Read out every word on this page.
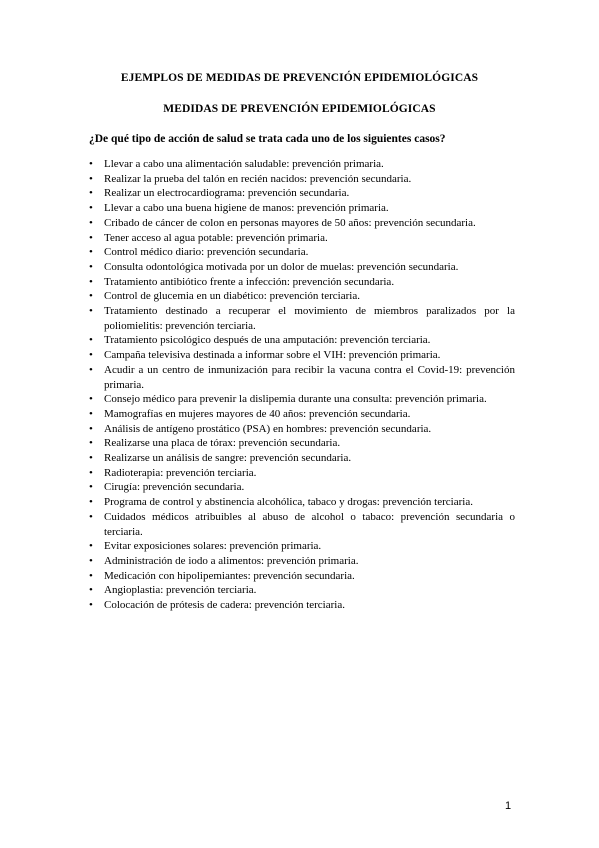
EJEMPLOS DE MEDIDAS DE PREVENCIÓN EPIDEMIOLÓGICAS
MEDIDAS DE PREVENCIÓN EPIDEMIOLÓGICAS
¿De qué tipo de acción de salud se trata cada uno de los siguientes casos?
•	Llevar a cabo una alimentación saludable: prevención primaria.
•	Realizar la prueba del talón en recién nacidos: prevención secundaria.
•	Realizar un electrocardiograma: prevención secundaria.
•	Llevar a cabo una buena higiene de manos: prevención primaria.
•	Cribado de cáncer de colon en personas mayores de 50 años: prevención secundaria.
•	Tener acceso al agua potable: prevención primaria.
•	Control médico diario: prevención secundaria.
•	Consulta odontológica motivada por un dolor de muelas: prevención secundaria.
•	Tratamiento antibiótico frente a infección: prevención secundaria.
•	Control de glucemia en un diabético: prevención terciaria.
•	Tratamiento destinado a recuperar el movimiento de miembros paralizados por la poliomielitis: prevención terciaria.
•	Tratamiento psicológico después de una amputación: prevención terciaria.
•	Campaña televisiva destinada a informar sobre el VIH: prevención primaria.
•	Acudir a un centro de inmunización para recibir la vacuna contra el Covid-19: prevención primaria.
•	Consejo médico para prevenir la dislipemia durante una consulta: prevención primaria.
•	Mamografías en mujeres mayores de 40 años: prevención secundaria.
•	Análisis de antígeno prostático (PSA) en hombres: prevención secundaria.
•	Realizarse una placa de tórax: prevención secundaria.
•	Realizarse un análisis de sangre: prevención secundaria.
•	Radioterapia: prevención terciaria.
•	Cirugía: prevención secundaria.
•	Programa de control y abstinencia alcohólica, tabaco y drogas: prevención terciaria.
•	Cuidados médicos atribuibles al abuso de alcohol o tabaco: prevención secundaria o terciaria.
•	Evitar exposiciones solares: prevención primaria.
•	Administración de iodo a alimentos: prevención primaria.
•	Medicación con hipolipemiantes: prevención secundaria.
•	Angioplastia: prevención terciaria.
•	Colocación de prótesis de cadera: prevención terciaria.
1
